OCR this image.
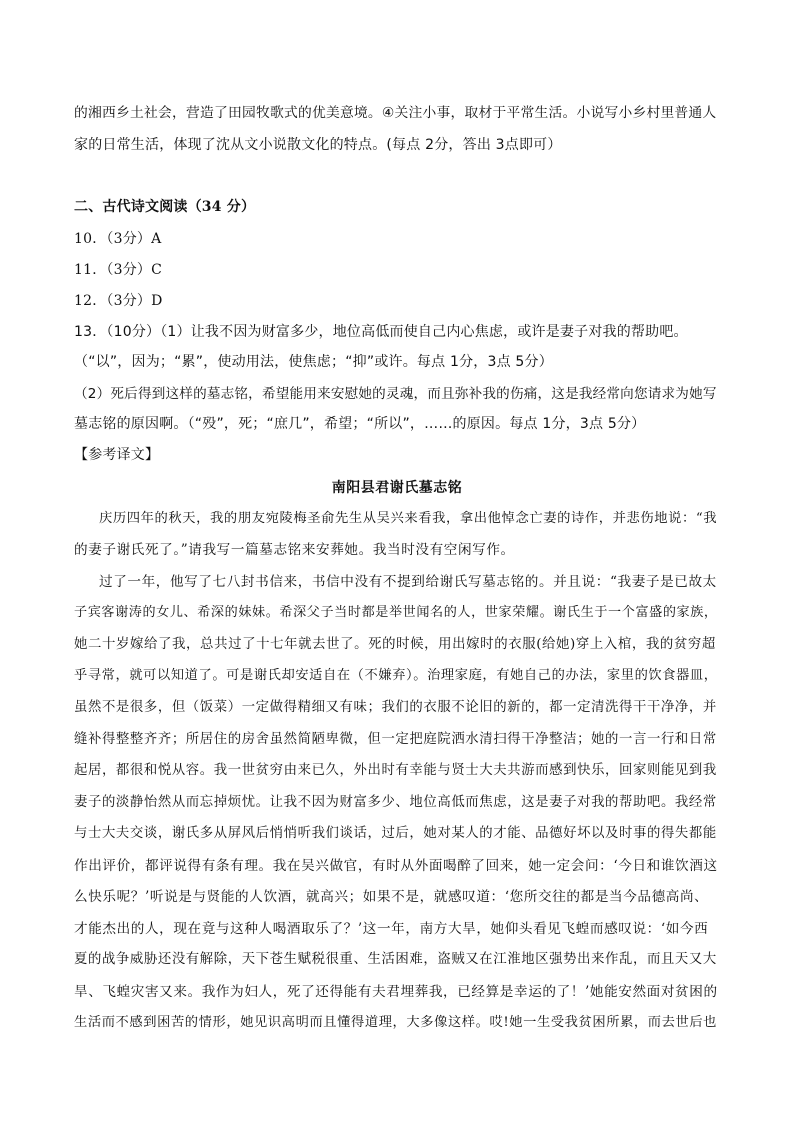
的湘西乡土社会，营造了田园牧歌式的优美意境。④关注小事，取材于平常生活。小说写小乡村里普通人
家的日常生活，体现了沈从文小说散文化的特点。(每点 2分，答出 3点即可）
二、古代诗文阅读（34 分）
10．（3分）A
11．（3分）C
12．（3分）D
13．（10分）（1）让我不因为财富多少，地位高低而使自己内心焦虑，或许是妻子对我的帮助吧。
（“以”，因为；“累”，使动用法，使焦虑；“抑”或许。每点 1分，3点 5分）
（2）死后得到这样的墓志铭，希望能用来安慰她的灵魂，而且弥补我的伤痛，这是我经常向您请求为她写
墓志铭的原因啊。（“殁”，死；“庶几”，希望；“所以”，……的原因。每点 1分，3点 5分）
【参考译文】
南阳县君谢氏墓志铭
庆历四年的秋天，我的朋友宛陵梅圣俞先生从吴兴来看我，拿出他悼念亡妻的诗作，并悲伤地说：“我
的妻子谢氏死了。”请我写一篇墓志铭来安葬她。我当时没有空闲写作。
过了一年，他写了七八封书信来，书信中没有不提到给谢氏写墓志铭的。并且说：“我妻子是已故太
子宾客谢涛的女儿、希深的妹妹。希深父子当时都是举世闻名的人，世家荣耀。谢氏生于一个富盛的家族，
她二十岁嫁给了我，总共过了十七年就去世了。死的时候，用出嫁时的衣服(给她)穿上入棺，我的贫穷超
乎寻常，就可以知道了。可是谢氏却安适自在（不嫌弃）。治理家庭，有她自己的办法，家里的饮食器皿，
虽然不是很多，但（饭菜）一定做得精细又有味；我们的衣服不论旧的新的，都一定清洗得干干净净，并
缝补得整整齐齐；所居住的房舍虽然简陋卑微，但一定把庭院洒水清扫得干净整洁；她的一言一行和日常
起居，都很和悦从容。我一世贫穷由来已久，外出时有幸能与贤士大夫共游而感到快乐，回家则能见到我
妻子的淡静怡然从而忘掉烦忧。让我不因为财富多少、地位高低而焦虑，这是妻子对我的帮助吧。我经常
与士大夫交谈，谢氏多从屏风后悄悄听我们谈话，过后，她对某人的才能、品德好坏以及时事的得失都能
作出评价，都评说得有条有理。我在吴兴做官，有时从外面喝醉了回来，她一定会问：‘今日和谁饮酒这
么快乐呢？’听说是与贤能的人饮酒，就高兴；如果不是，就感叹道：‘您所交往的都是当今品德高尚、
才能杰出的人，现在竟与这种人喝酒取乐了？’这一年，南方大旱，她仰头看见飞蝗而感叹说：‘如今西
夏的战争威胁还没有解除，天下苍生赋税很重、生活困难，盗贼又在江淮地区强势出来作乱，而且天又大
旱、飞蝗灾害又来。我作为妇人，死了还得能有夫君埋葬我，已经算是幸运的了！’她能安然面对贫困的
生活而不感到困苦的情形，她见识高明而且懂得道理，大多像这样。哎!她一生受我贫困所累，而去世后也
